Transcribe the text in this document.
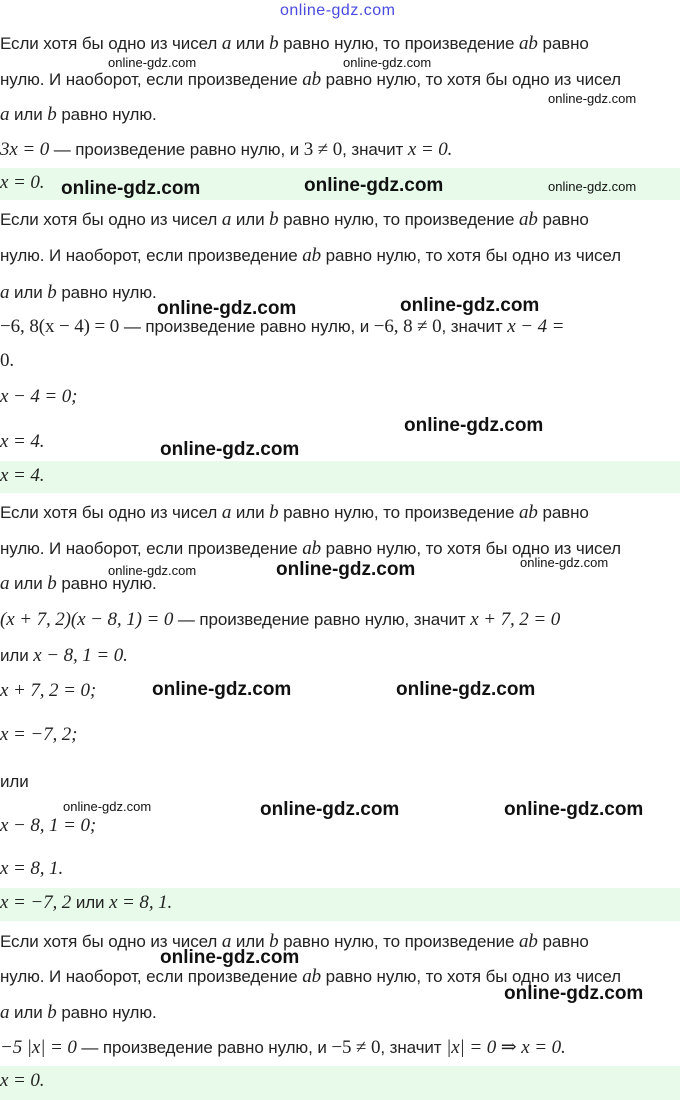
online-gdz.com
Если хотя бы одно из чисел a или b равно нулю, то произведение ab равно
нулю. И наоборот, если произведение ab равно нулю, то хотя бы одно из чисел
a или b равно нулю.
3x = 0 — произведение равно нулю, и 3 ≠ 0, значит x = 0.
x = 0.
Если хотя бы одно из чисел a или b равно нулю, то произведение ab равно
нулю. И наоборот, если произведение ab равно нулю, то хотя бы одно из чисел
a или b равно нулю.
−6, 8(x − 4) = 0 — произведение равно нулю, и −6, 8 ≠ 0, значит x − 4 =
0.
x − 4 = 0;
x = 4.
x = 4.
Если хотя бы одно из чисел a или b равно нулю, то произведение ab равно
нулю. И наоборот, если произведение ab равно нулю, то хотя бы одно из чисел
a или b равно нулю.
(x + 7, 2)(x − 8, 1) = 0 — произведение равно нулю, значит x + 7, 2 = 0
или x − 8, 1 = 0.
x + 7, 2 = 0;
x = −7, 2;
или
x − 8, 1 = 0;
x = 8, 1.
x = −7, 2 или x = 8, 1.
Если хотя бы одно из чисел a или b равно нулю, то произведение ab равно
нулю. И наоборот, если произведение ab равно нулю, то хотя бы одно из чисел
a или b равно нулю.
−5 |x| = 0 — произведение равно нулю, и −5 ≠ 0, значит |x| = 0 ⇒ x = 0.
x = 0.
online-gdz.com	online-gdz.com
online-gdz.com
online-gdz.com	online-gdz.com	online-gdz.com
online-gdz.com	online-gdz.com
online-gdz.com
online-gdz.com
online-gdz.com
online-gdz.com
online-gdz.com
online-gdz.com	online-gdz.com
online-gdz.com	online-gdz.com	online-gdz.com
online-gdz.com
online-gdz.com
